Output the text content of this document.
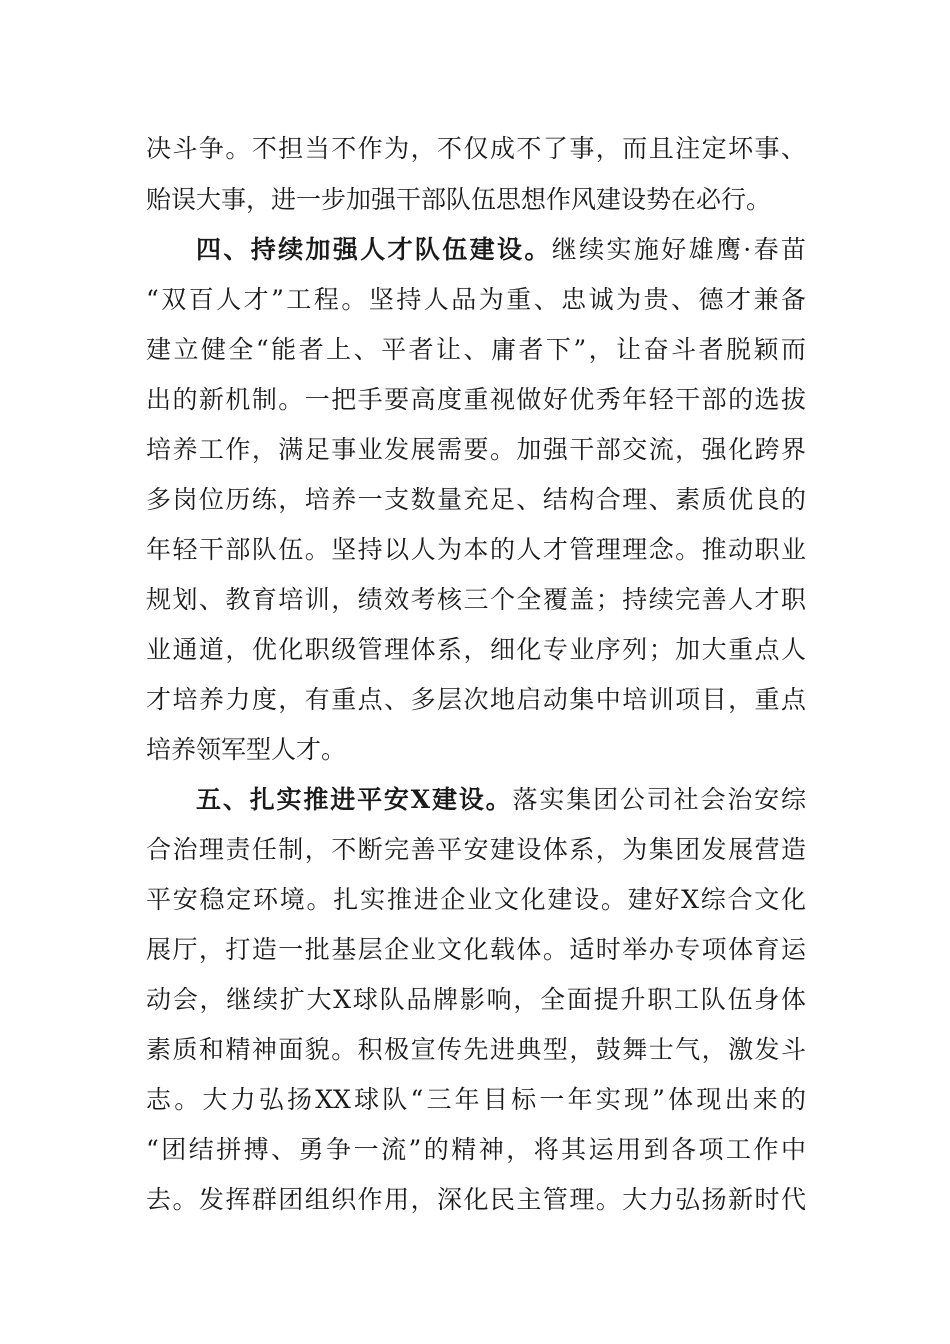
决斗争。不担当不作为，不仅成不了事，而且注定坏事、
贻误大事，进一步加强干部队伍思想作风建设势在必行。
四、持续加强人才队伍建设。继续实施好雄鹰·春苗
“双百人才”工程。坚持人品为重、忠诚为贵、德才兼备
建立健全“能者上、平者让、庸者下”，让奋斗者脱颖而
出的新机制。一把手要高度重视做好优秀年轻干部的选拔
培养工作，满足事业发展需要。加强干部交流，强化跨界
多岗位历练，培养一支数量充足、结构合理、素质优良的
年轻干部队伍。坚持以人为本的人才管理理念。推动职业
规划、教育培训，绩效考核三个全覆盖；持续完善人才职
业通道，优化职级管理体系，细化专业序列；加大重点人
才培养力度，有重点、多层次地启动集中培训项目，重点
培养领军型人才。
五、扎实推进平安X建设。落实集团公司社会治安综
合治理责任制，不断完善平安建设体系，为集团发展营造
平安稳定环境。扎实推进企业文化建设。建好X综合文化
展厅，打造一批基层企业文化载体。适时举办专项体育运
动会，继续扩大X球队品牌影响，全面提升职工队伍身体
素质和精神面貌。积极宣传先进典型，鼓舞士气，激发斗
志。大力弘扬XX球队“三年目标一年实现”体现出来的
“团结拼搏、勇争一流”的精神，将其运用到各项工作中
去。发挥群团组织作用，深化民主管理。大力弘扬新时代
